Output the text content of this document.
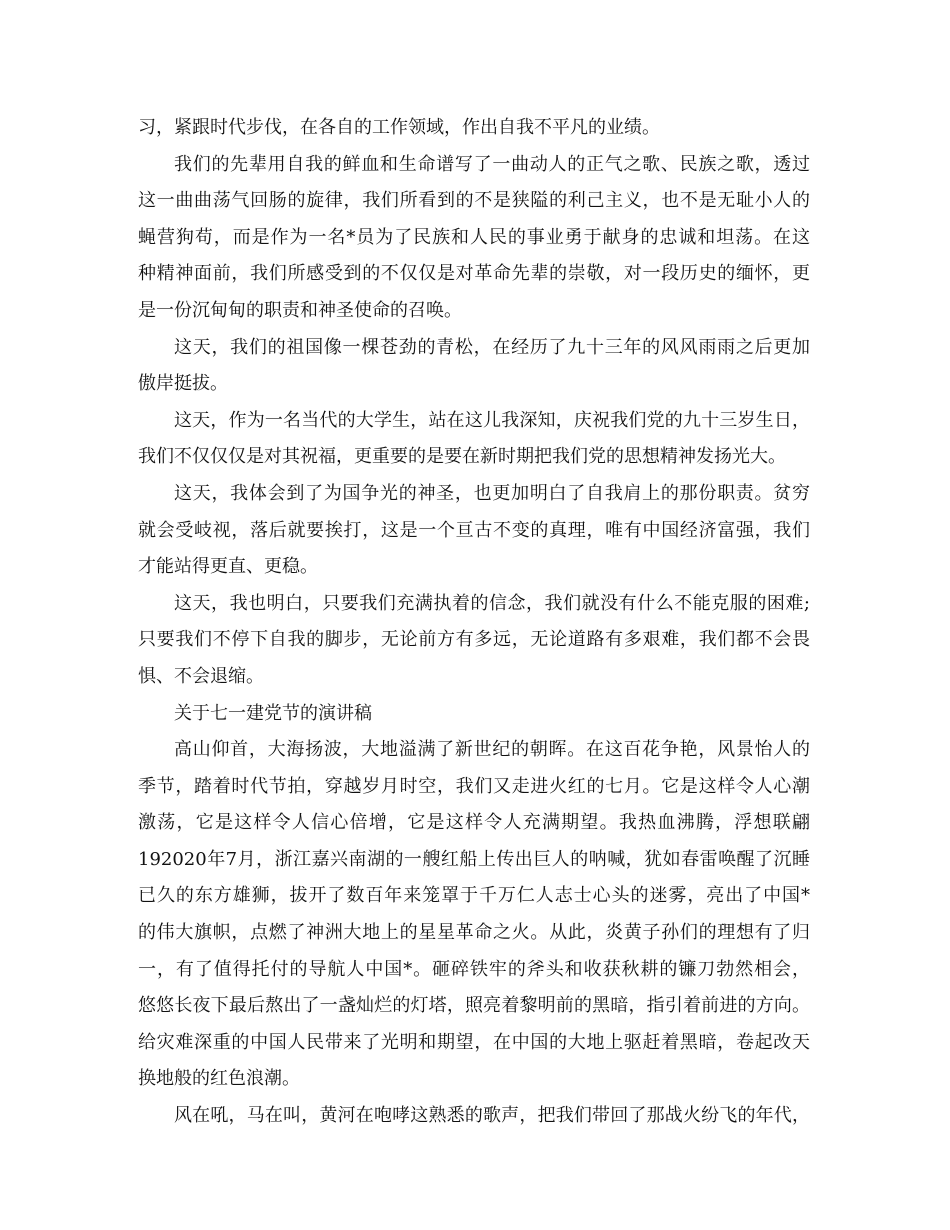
习，紧跟时代步伐，在各自的工作领域，作出自我不平凡的业绩。
我们的先辈用自我的鲜血和生命谱写了一曲动人的正气之歌、民族之歌，透过
这一曲曲荡气回肠的旋律，我们所看到的不是狭隘的利己主义，也不是无耻小人的
蝇营狗苟，而是作为一名*员为了民族和人民的事业勇于献身的忠诚和坦荡。在这
种精神面前，我们所感受到的不仅仅是对革命先辈的崇敬，对一段历史的缅怀，更
是一份沉甸甸的职责和神圣使命的召唤。
这天，我们的祖国像一棵苍劲的青松，在经历了九十三年的风风雨雨之后更加
傲岸挺拔。
这天，作为一名当代的大学生，站在这儿我深知，庆祝我们党的九十三岁生日，
我们不仅仅仅是对其祝福，更重要的是要在新时期把我们党的思想精神发扬光大。
这天，我体会到了为国争光的神圣，也更加明白了自我肩上的那份职责。贫穷
就会受岐视，落后就要挨打，这是一个亘古不变的真理，唯有中国经济富强，我们
才能站得更直、更稳。
这天，我也明白，只要我们充满执着的信念，我们就没有什么不能克服的困难;
只要我们不停下自我的脚步，无论前方有多远，无论道路有多艰难，我们都不会畏
惧、不会退缩。
关于七一建党节的演讲稿
高山仰首，大海扬波，大地溢满了新世纪的朝晖。在这百花争艳，风景怡人的
季节，踏着时代节拍，穿越岁月时空，我们又走进火红的七月。它是这样令人心潮
激荡，它是这样令人信心倍增，它是这样令人充满期望。我热血沸腾，浮想联翩
192020年7月，浙江嘉兴南湖的一艘红船上传出巨人的呐喊，犹如春雷唤醒了沉睡
已久的东方雄狮，拔开了数百年来笼罩于千万仁人志士心头的迷雾，亮出了中国*
的伟大旗帜，点燃了神洲大地上的星星革命之火。从此，炎黄子孙们的理想有了归
一，有了值得托付的导航人中国*。砸碎铁牢的斧头和收获秋耕的镰刀勃然相会，
悠悠长夜下最后熬出了一盏灿烂的灯塔，照亮着黎明前的黑暗，指引着前进的方向。
给灾难深重的中国人民带来了光明和期望，在中国的大地上驱赶着黑暗，卷起改天
换地般的红色浪潮。
风在吼，马在叫，黄河在咆哮这熟悉的歌声，把我们带回了那战火纷飞的年代，
